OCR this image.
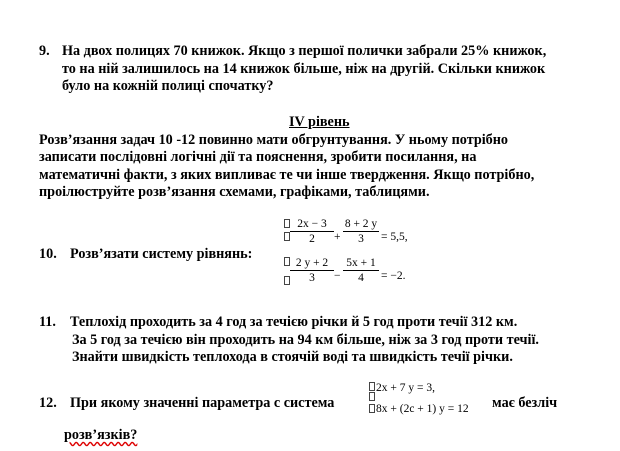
9. На двох полицях 70 книжок. Якщо з першої полички забрали 25% книжок,
то на ній залишилось на 14 книжок більше, ніж на другій. Скільки книжок
було на кожній полиці спочатку?
IV рівень
Розв’язання задач 10 -12 повинно мати обгрунтування. У ньому потрібно
записати послідовні логічні дії та пояснення, зробити посилання, на
математичні факти, з яких випливає те чи інше твердження. Якщо потрібно,
проілюструйте розв’язання схемами, графіками, таблицями.
10. Розв’язати систему рівнянь:
2x − 3
2	+
8 + 2 y
3	= 5,5,
2 y + 2
3	−
5x + 1
4	= −2.
11. Теплохід проходить за 4 год за течією річки й 5 год проти течії 312 км.
За 5 год за течією він проходить на 94 км більше, ніж за 3 год проти течії.
Знайти швидкість теплохода в стоячій воді та швидкість течії річки.
12. При якому значенні параметра с система
2x + 7 y = 3,
8x + (2c + 1) y = 12 має безліч
розв’язків?
